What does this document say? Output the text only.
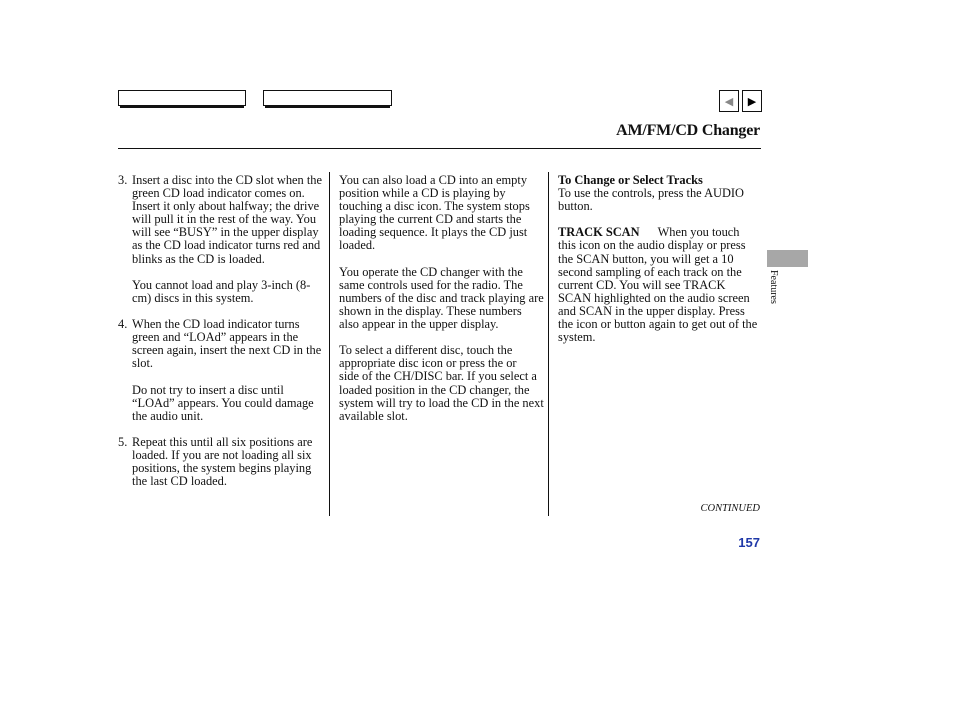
◀ ▶
AM/FM/CD Changer
3. Insert a disc into the CD slot when the green CD load indicator comes on. Insert it only about halfway; the drive will pull it in the rest of the way. You will see “BUSY” in the upper display as the CD load indicator turns red and blinks as the CD is loaded.

You cannot load and play 3-inch (8-cm) discs in this system.

4. When the CD load indicator turns green and “LOAd” appears in the screen again, insert the next CD in the slot.

Do not try to insert a disc until “LOAd” appears. You could damage the audio unit.

5. Repeat this until all six positions are loaded. If you are not loading all six positions, the system begins playing the last CD loaded.

You can also load a CD into an empty position while a CD is playing by touching a disc icon. The system stops playing the current CD and starts the loading sequence. It plays the CD just loaded.

You operate the CD changer with the same controls used for the radio. The numbers of the disc and track playing are shown in the display. These numbers also appear in the upper display.

To select a different disc, touch the appropriate disc icon or press the orside of the CH/DISC bar. If you select a loaded position in the CD changer, the system will try to load the CD in the next available slot.

To Change or Select Tracks

To use the controls, press the AUDIO button.

TRACK SCAN When you touch this icon on the audio display or press the SCAN button, you will get a 10 second sampling of each track on the current CD. You will see TRACK SCAN highlighted on the audio screen and SCAN in the upper display. Press the icon or button again to get out of the system.

Features
CONTINUED
157
